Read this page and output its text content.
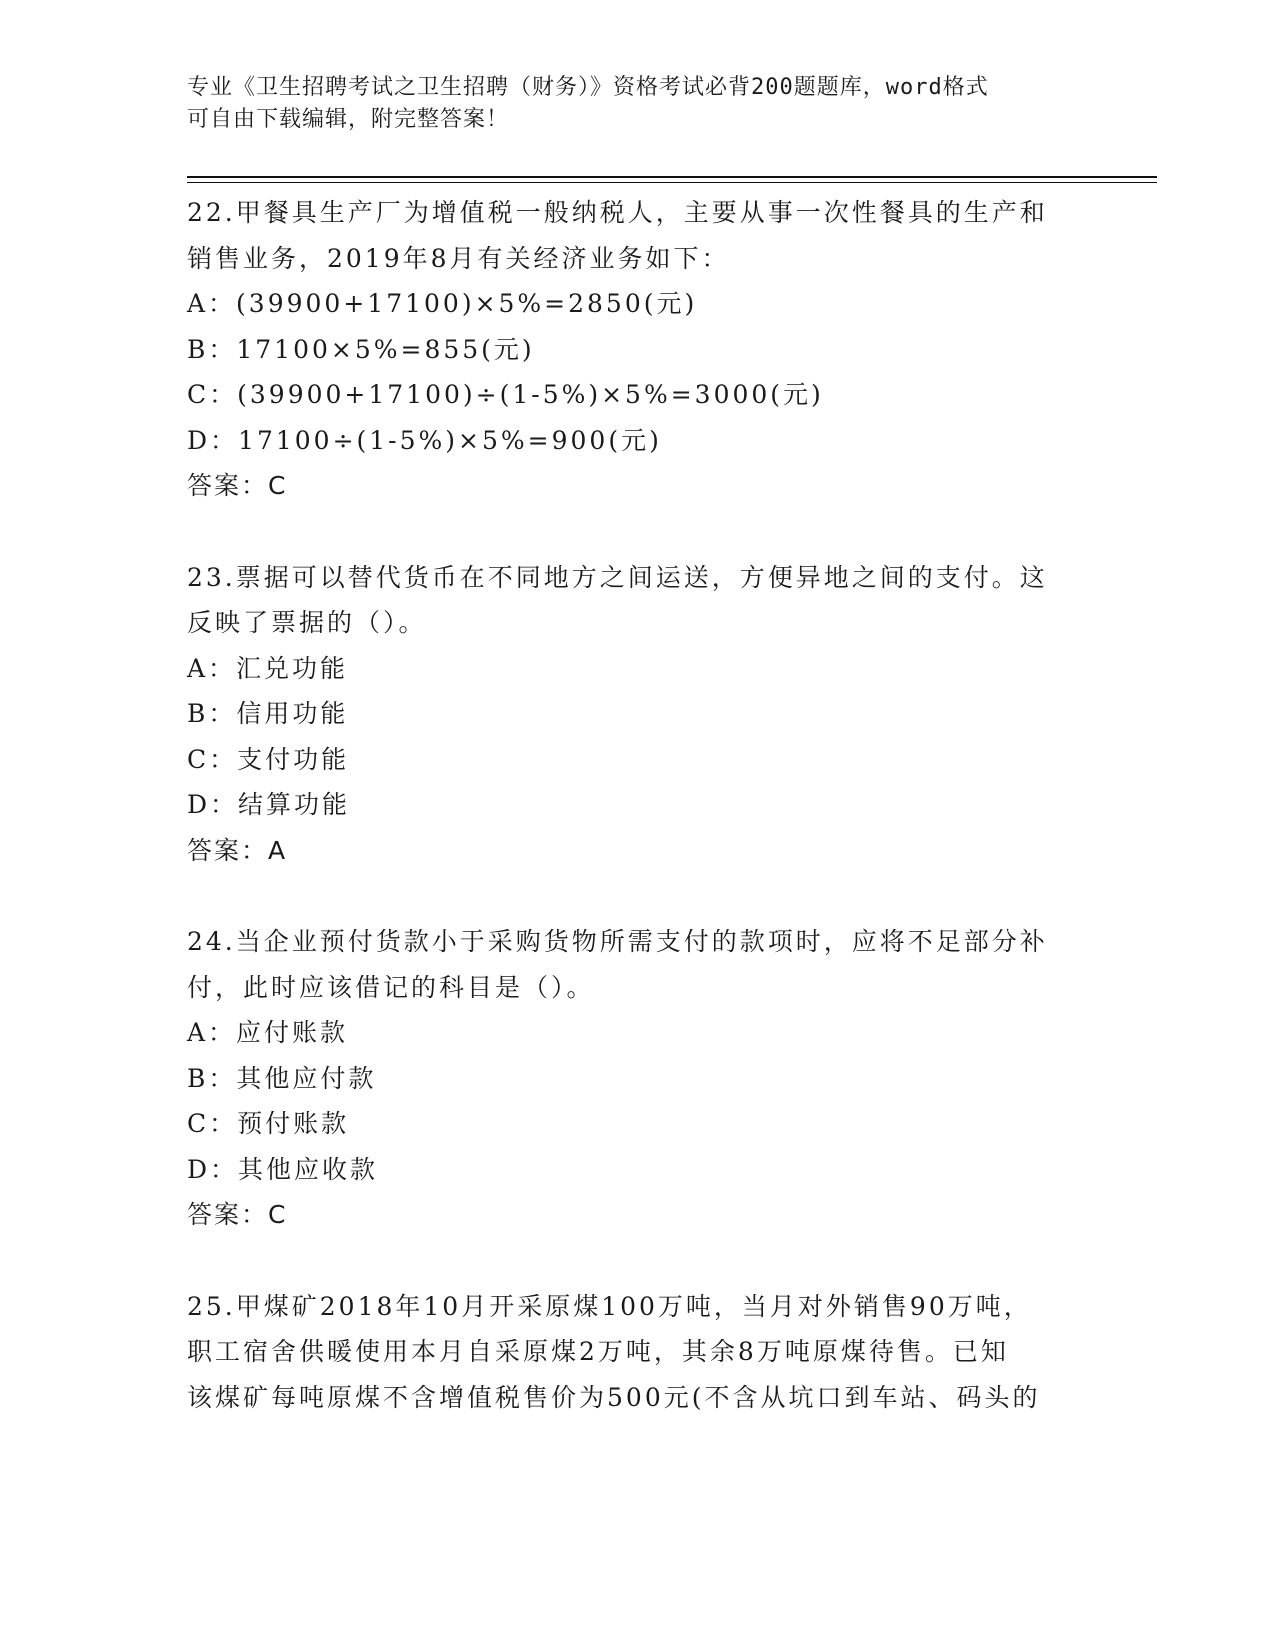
专业《卫生招聘考试之卫生招聘（财务）》资格考试必背200题题库，word格式
可自由下载编辑，附完整答案！
22.甲餐具生产厂为增值税一般纳税人，主要从事一次性餐具的生产和
销售业务，2019年8月有关经济业务如下：
A：(39900+17100)×5%=2850(元)
B：17100×5%=855(元)
C：(39900+17100)÷(1-5%)×5%=3000(元)
D：17100÷(1-5%)×5%=900(元)
答案：C
23.票据可以替代货币在不同地方之间运送，方便异地之间的支付。这
反映了票据的（）。
A：汇兑功能
B：信用功能
C：支付功能
D：结算功能
答案：A
24.当企业预付货款小于采购货物所需支付的款项时，应将不足部分补
付，此时应该借记的科目是（）。
A：应付账款
B：其他应付款
C：预付账款
D：其他应收款
答案：C
25.甲煤矿2018年10月开采原煤100万吨，当月对外销售90万吨，
职工宿舍供暖使用本月自采原煤2万吨，其余8万吨原煤待售。已知
该煤矿每吨原煤不含增值税售价为500元(不含从坑口到车站、码头的
